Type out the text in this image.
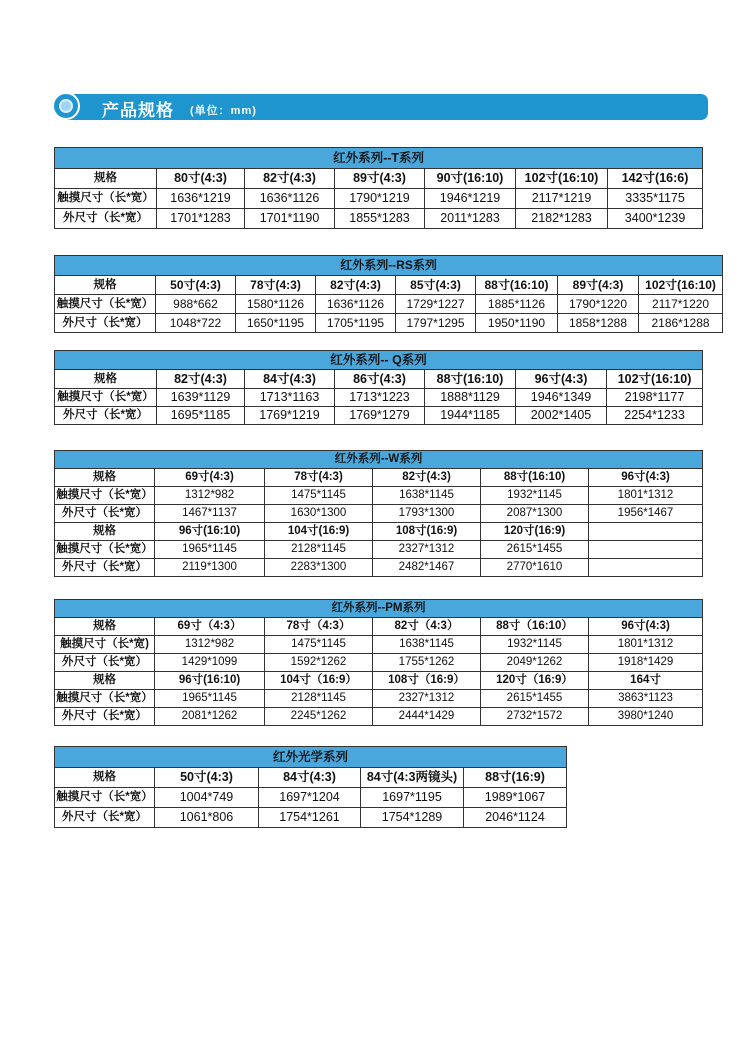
产品规格 (单位：mm)
红外系列--T系列						
规格	80寸(4:3)	82寸(4:3)	89寸(4:3)	90寸(16:10)	102寸(16:10)	142寸(16:6)
触摸尺寸（长*宽）	1636*1219	1636*1126	1790*1219	1946*1219	2117*1219	3335*1175
外尺寸（长*宽）	1701*1283	1701*1190	1855*1283	2011*1283	2182*1283	3400*1239
红外系列--RS系列							
规格	50寸(4:3)	78寸(4:3)	82寸(4:3)	85寸(4:3)	88寸(16:10)	89寸(4:3)	102寸(16:10)
触摸尺寸（长*宽）	988*662	1580*1126	1636*1126	1729*1227	1885*1126	1790*1220	2117*1220
外尺寸（长*宽）	1048*722	1650*1195	1705*1195	1797*1295	1950*1190	1858*1288	2186*1288
红外系列-- Q系列						
规格	82寸(4:3)	84寸(4:3)	86寸(4:3)	88寸(16:10)	96寸(4:3)	102寸(16:10)
触摸尺寸（长*宽）	1639*1129	1713*1163	1713*1223	1888*1129	1946*1349	2198*1177
外尺寸（长*宽）	1695*1185	1769*1219	1769*1279	1944*1185	2002*1405	2254*1233
红外系列--W系列					
规格	69寸(4:3)	78寸(4:3)	82寸(4:3)	88寸(16:10)	96寸(4:3)
触摸尺寸（长*宽）	1312*982	1475*1145	1638*1145	1932*1145	1801*1312
外尺寸（长*宽）	1467*1137	1630*1300	1793*1300	2087*1300	1956*1467
规格	96寸(16:10)	104寸(16:9)	108寸(16:9)	120寸(16:9)	
触摸尺寸（长*宽）	1965*1145	2128*1145	2327*1312	2615*1455	
外尺寸（长*宽）	2119*1300	2283*1300	2482*1467	2770*1610	
红外系列--PM系列					
规格	69寸（4:3）	78寸（4:3）	82寸（4:3）	88寸（16:10）	96寸(4:3)
触摸尺寸（长*宽)	1312*982	1475*1145	1638*1145	1932*1145	1801*1312
外尺寸（长*宽）	1429*1099	1592*1262	1755*1262	2049*1262	1918*1429
规格	96寸(16:10)	104寸（16:9）	108寸（16:9）	120寸（16:9）	164寸
触摸尺寸（长*宽）	1965*1145	2128*1145	2327*1312	2615*1455	3863*1123
外尺寸（长*宽）	2081*1262	2245*1262	2444*1429	2732*1572	3980*1240
红外光学系列				
规格	50寸(4:3)	84寸(4:3)	84寸(4:3两镜头)	88寸(16:9)
触摸尺寸（长*宽）	1004*749	1697*1204	1697*1195	1989*1067
外尺寸（长*宽）	1061*806	1754*1261	1754*1289	2046*1124
